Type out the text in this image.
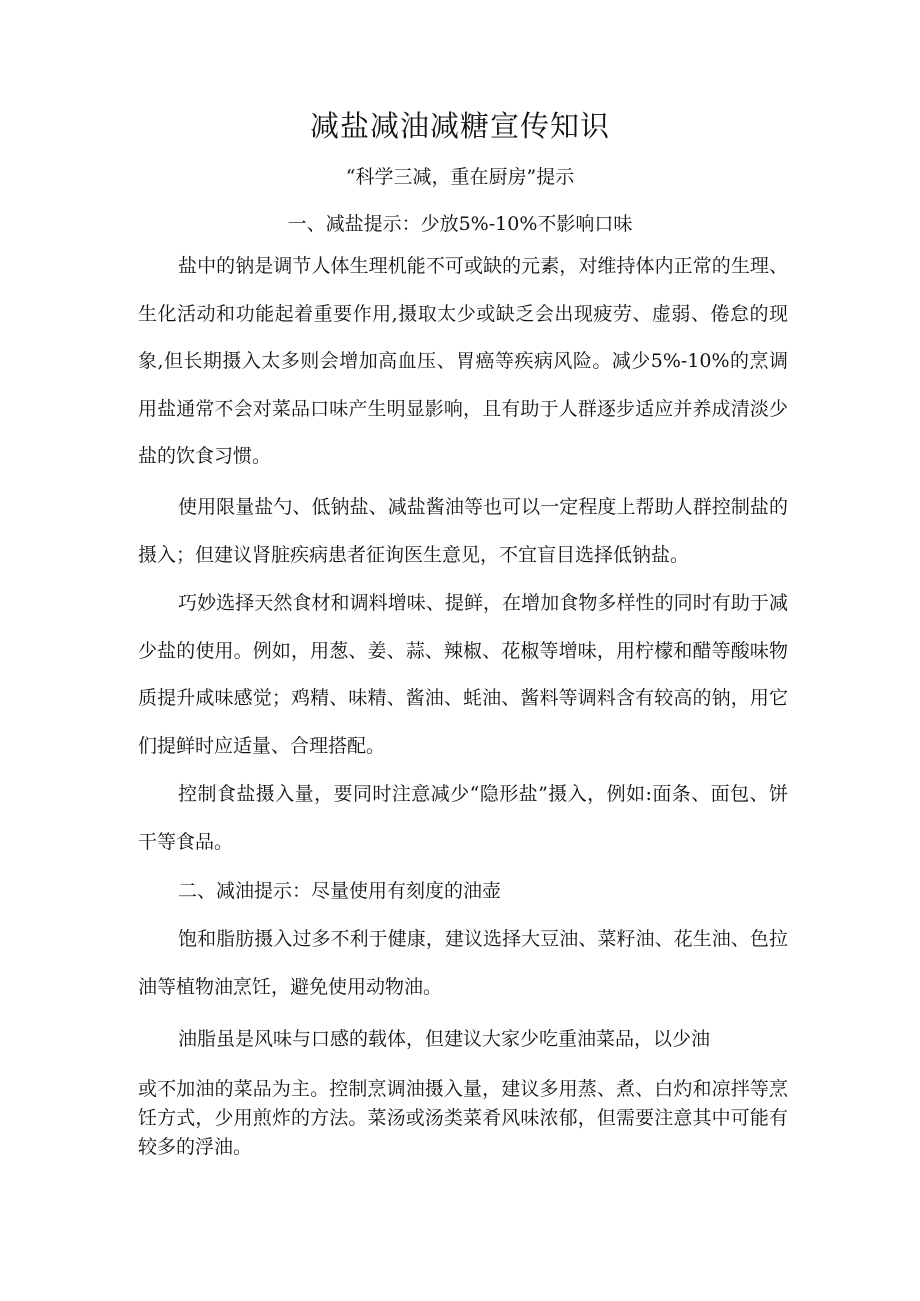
减盐减油减糖宣传知识
“科学三减，重在厨房”提示
一、减盐提示：少放5%-10%不影响口味

盐中的钠是调节人体生理机能不可或缺的元素，对维持体内正常的生理、生化活动和功能起着重要作用,摄取太少或缺乏会出现疲劳、虚弱、倦怠的现象,但长期摄入太多则会增加高血压、胃癌等疾病风险。减少5%-10%的烹调用盐通常不会对菜品口味产生明显影响，且有助于人群逐步适应并养成清淡少盐的饮食习惯。

使用限量盐勺、低钠盐、减盐酱油等也可以一定程度上帮助人群控制盐的摄入；但建议肾脏疾病患者征询医生意见，不宜盲目选择低钠盐。

巧妙选择天然食材和调料增味、提鲜，在增加食物多样性的同时有助于减少盐的使用。例如，用葱、姜、蒜、辣椒、花椒等增味，用柠檬和醋等酸味物质提升咸味感觉；鸡精、味精、酱油、蚝油、酱料等调料含有较高的钠，用它们提鲜时应适量、合理搭配。

控制食盐摄入量，要同时注意减少“隐形盐”摄入，例如:面条、面包、饼干等食品。

二、减油提示：尽量使用有刻度的油壶

饱和脂肪摄入过多不利于健康，建议选择大豆油、菜籽油、花生油、色拉油等植物油烹饪，避免使用动物油。

油脂虽是风味与口感的载体，但建议大家少吃重油菜品，以少油

或不加油的菜品为主。控制烹调油摄入量，建议多用蒸、煮、白灼和凉拌等烹饪方式，少用煎炸的方法。菜汤或汤类菜肴风味浓郁，但需要注意其中可能有较多的浮油。
